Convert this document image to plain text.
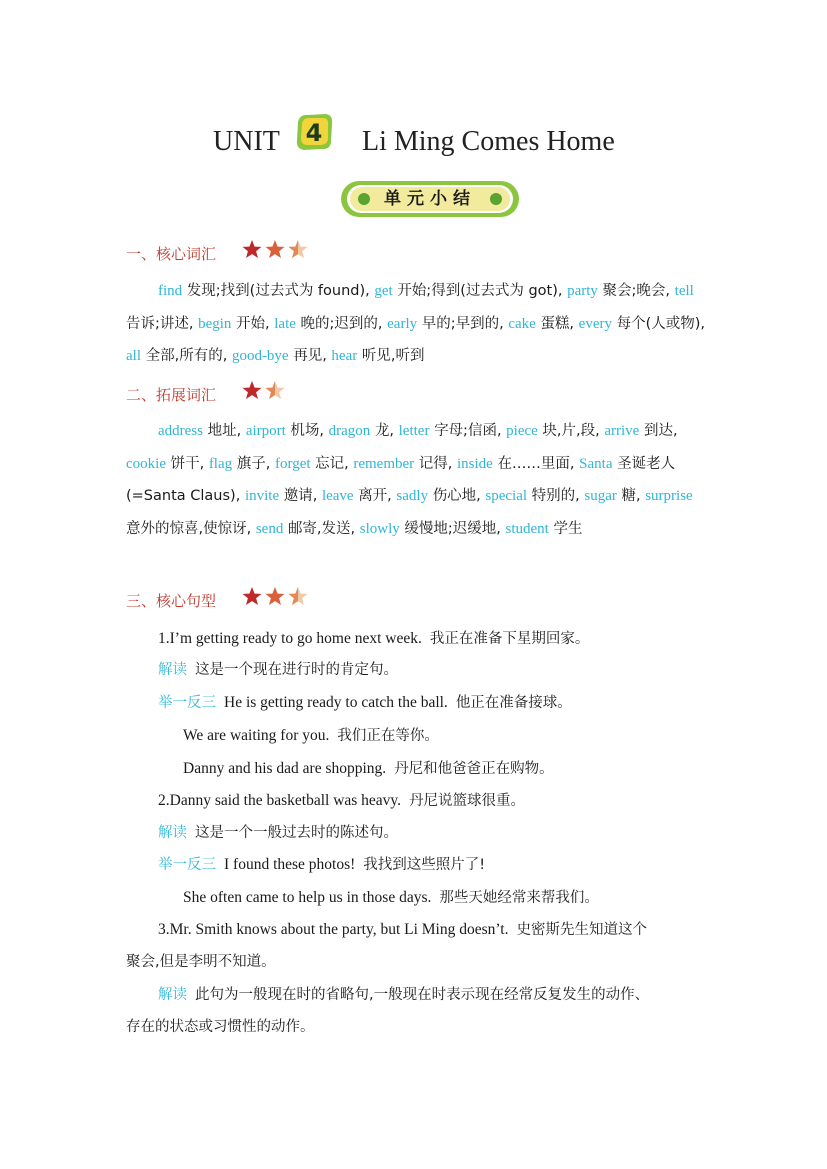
UNIT 4 Li Ming Comes Home
单元小结
一、核心词汇
find 发现;找到(过去式为 found), get 开始;得到(过去式为 got), party 聚会;晚会, tell 告诉;讲述, begin 开始, late 晚的;迟到的, early 早的;早到的, cake 蛋糕, every 每个(人或物), all 全部,所有的, good-bye 再见, hear 听见,听到
二、拓展词汇
address 地址, airport 机场, dragon 龙, letter 字母;信函, piece 块,片,段, arrive 到达, cookie 饼干, flag 旗子, forget 忘记, remember 记得, inside 在……里面, Santa 圣诞老人(=Santa Claus), invite 邀请, leave 离开, sadly 伤心地, special 特别的, sugar 糖, surprise 意外的惊喜,使惊讶, send 邮寄,发送, slowly 缓慢地;迟缓地, student 学生
三、核心句型
1.I’m getting ready to go home next week. 我正在准备下星期回家。
解读 这是一个现在进行时的肯定句。
举一反三 He is getting ready to catch the ball. 他正在准备接球。
We are waiting for you. 我们正在等你。
Danny and his dad are shopping. 丹尼和他爸爸正在购物。
2.Danny said the basketball was heavy. 丹尼说篮球很重。
解读 这是一个一般过去时的陈述句。
举一反三 I found these photos! 我找到这些照片了!
She often came to help us in those days. 那些天她经常来帮我们。
3.Mr. Smith knows about the party, but Li Ming doesn’t. 史密斯先生知道这个
聚会,但是李明不知道。
解读 此句为一般现在时的省略句,一般现在时表示现在经常反复发生的动作、
存在的状态或习惯性的动作。
